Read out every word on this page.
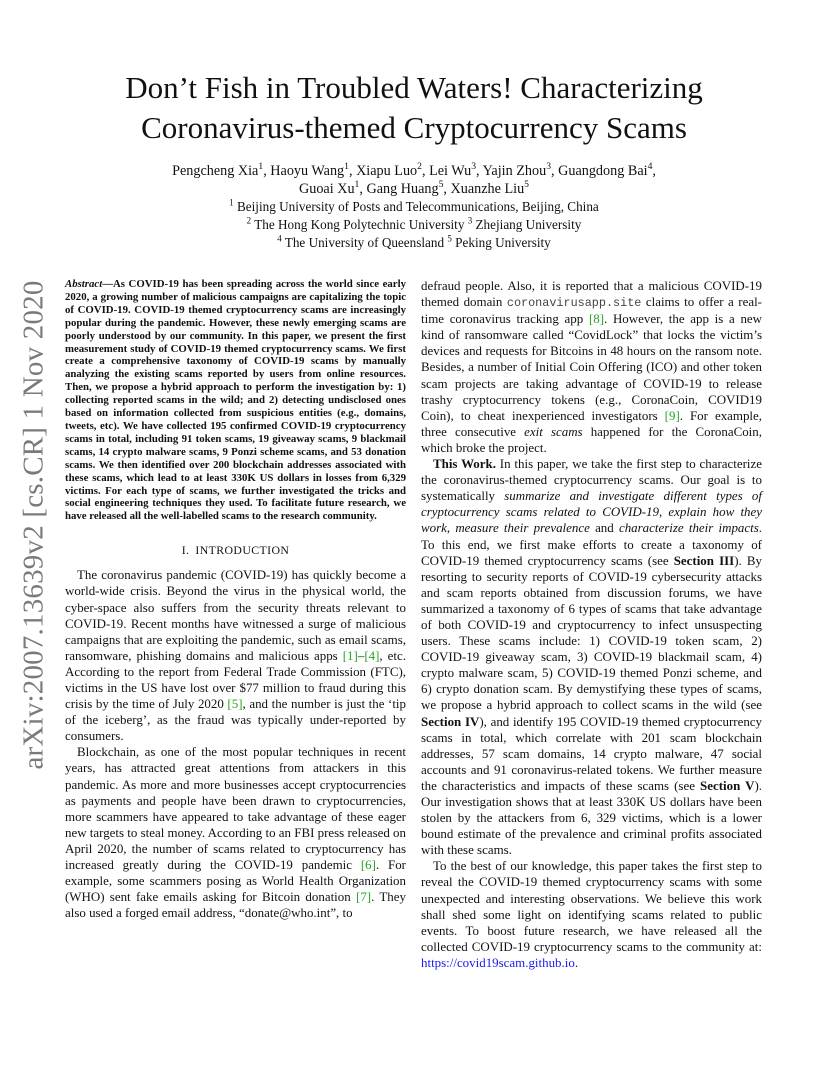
arXiv:2007.13639v2 [cs.CR] 1 Nov 2020
Don’t Fish in Troubled Waters! Characterizing
Coronavirus-themed Cryptocurrency Scams
Pengcheng Xia$^1$, Haoyu Wang$^1$, Xiapu Luo$^2$, Lei Wu$^3$, Yajin Zhou$^3$, Guangdong Bai$^4$,
Guoai Xu$^1$, Gang Huang$^5$, Xuanzhe Liu$^5$
$^1$ Beijing University of Posts and Telecommunications, Beijing, China
$^2$ The Hong Kong Polytechnic University $^3$ Zhejiang University
$^4$ The University of Queensland $^5$ Peking University

Abstract—As COVID-19 has been spreading across the world since early 2020, a growing number of malicious campaigns are capitalizing the topic of COVID-19. COVID-19 themed cryptocurrency scams are increasingly popular during the pandemic. However, these newly emerging scams are poorly understood by our community. In this paper, we present the first measurement study of COVID-19 themed cryptocurrency scams. We first create a comprehensive taxonomy of COVID-19 scams by manually analyzing the existing scams reported by users from online resources. Then, we propose a hybrid approach to perform the investigation by: 1) collecting reported scams in the wild; and 2) detecting undisclosed ones based on information collected from suspicious entities (e.g., domains, tweets, etc). We have collected 195 confirmed COVID-19 cryptocurrency scams in total, including 91 token scams, 19 giveaway scams, 9 blackmail scams, 14 crypto malware scams, 9 Ponzi scheme scams, and 53 donation scams. We then identified over 200 blockchain addresses associated with these scams, which lead to at least 330K US dollars in losses from 6,329 victims. For each type of scams, we further investigated the tricks and social engineering techniques they used. To facilitate future research, we have released all the well-labelled scams to the research community.

I. INTRODUCTION

The coronavirus pandemic (COVID-19) has quickly become a world-wide crisis. Beyond the virus in the physical world, the cyber-space also suffers from the security threats relevant to COVID-19. Recent months have witnessed a surge of malicious campaigns that are exploiting the pandemic, such as email scams, ransomware, phishing domains and malicious apps [1]–[4], etc. According to the report from Federal Trade Commission (FTC), victims in the US have lost over $77 million to fraud during this crisis by the time of July 2020 [5], and the number is just the ‘tip of the iceberg’, as the fraud was typically under-reported by consumers.

Blockchain, as one of the most popular techniques in recent years, has attracted great attentions from attackers in this pandemic. As more and more businesses accept cryptocurrencies as payments and people have been drawn to cryptocurrencies, more scammers have appeared to take advantage of these eager new targets to steal money. According to an FBI press released on April 2020, the number of scams related to cryptocurrency has increased greatly during the COVID-19 pandemic [6]. For example, some scammers posing as World Health Organization (WHO) sent fake emails asking for Bitcoin donation [7]. They also used a forged email address, “donate@who.int”, to

defraud people. Also, it is reported that a malicious COVID-19 themed domain coronavirusapp.site claims to offer a real-time coronavirus tracking app [8]. However, the app is a new kind of ransomware called “CovidLock” that locks the victim’s devices and requests for Bitcoins in 48 hours on the ransom note. Besides, a number of Initial Coin Offering (ICO) and other token scam projects are taking advantage of COVID-19 to release trashy cryptocurrency tokens (e.g., CoronaCoin, COVID19 Coin), to cheat inexperienced investigators [9]. For example, three consecutive exit scams happened for the CoronaCoin, which broke the project.

This Work. In this paper, we take the first step to characterize the coronavirus-themed cryptocurrency scams. Our goal is to systematically summarize and investigate different types of cryptocurrency scams related to COVID-19, explain how they work, measure their prevalence and characterize their impacts. To this end, we first make efforts to create a taxonomy of COVID-19 themed cryptocurrency scams (see Section III). By resorting to security reports of COVID-19 cybersecurity attacks and scam reports obtained from discussion forums, we have summarized a taxonomy of 6 types of scams that take advantage of both COVID-19 and cryptocurrency to infect unsuspecting users. These scams include: 1) COVID-19 token scam, 2) COVID-19 giveaway scam, 3) COVID-19 blackmail scam, 4) crypto malware scam, 5) COVID-19 themed Ponzi scheme, and 6) crypto donation scam. By demystifying these types of scams, we propose a hybrid approach to collect scams in the wild (see Section IV), and identify 195 COVID-19 themed cryptocurrency scams in total, which correlate with 201 scam blockchain addresses, 57 scam domains, 14 crypto malware, 47 social accounts and 91 coronavirus-related tokens. We further measure the characteristics and impacts of these scams (see Section V). Our investigation shows that at least 330K US dollars have been stolen by the attackers from 6, 329 victims, which is a lower bound estimate of the prevalence and criminal profits associated with these scams.

To the best of our knowledge, this paper takes the first step to reveal the COVID-19 themed cryptocurrency scams with some unexpected and interesting observations. We believe this work shall shed some light on identifying scams related to public events. To boost future research, we have released all the collected COVID-19 cryptocurrency scams to the community at: https://covid19scam.github.io.
